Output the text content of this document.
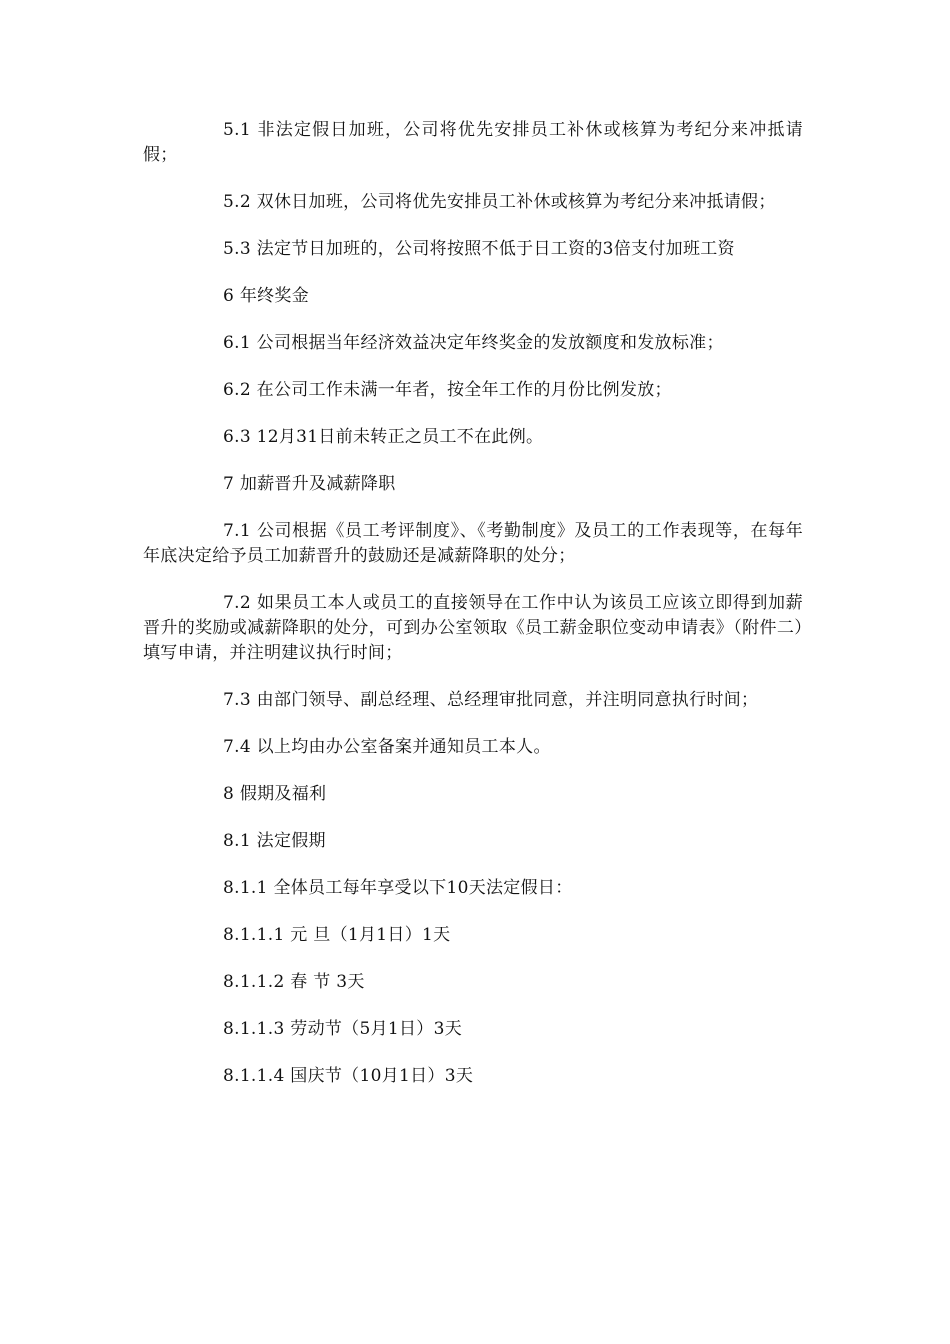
5.1 非法定假日加班，公司将优先安排员工补休或核算为考纪分来冲抵请假；

5.2 双休日加班，公司将优先安排员工补休或核算为考纪分来冲抵请假；

5.3 法定节日加班的，公司将按照不低于日工资的3倍支付加班工资

6 年终奖金

6.1 公司根据当年经济效益决定年终奖金的发放额度和发放标准；

6.2 在公司工作未满一年者，按全年工作的月份比例发放；

6.3 12月31日前未转正之员工不在此例。

7 加薪晋升及减薪降职

7.1 公司根据《员工考评制度》、《考勤制度》及员工的工作表现等，在每年年底决定给予员工加薪晋升的鼓励还是减薪降职的处分；

7.2 如果员工本人或员工的直接领导在工作中认为该员工应该立即得到加薪晋升的奖励或减薪降职的处分，可到办公室领取《员工薪金职位变动申请表》（附件二）填写申请，并注明建议执行时间；

7.3 由部门领导、副总经理、总经理审批同意，并注明同意执行时间；

7.4 以上均由办公室备案并通知员工本人。

8 假期及福利

8.1 法定假期

8.1.1 全体员工每年享受以下10天法定假日：

8.1.1.1 元 旦（1月1日）1天

8.1.1.2 春 节 3天

8.1.1.3 劳动节（5月1日）3天

8.1.1.4 国庆节（10月1日）3天
